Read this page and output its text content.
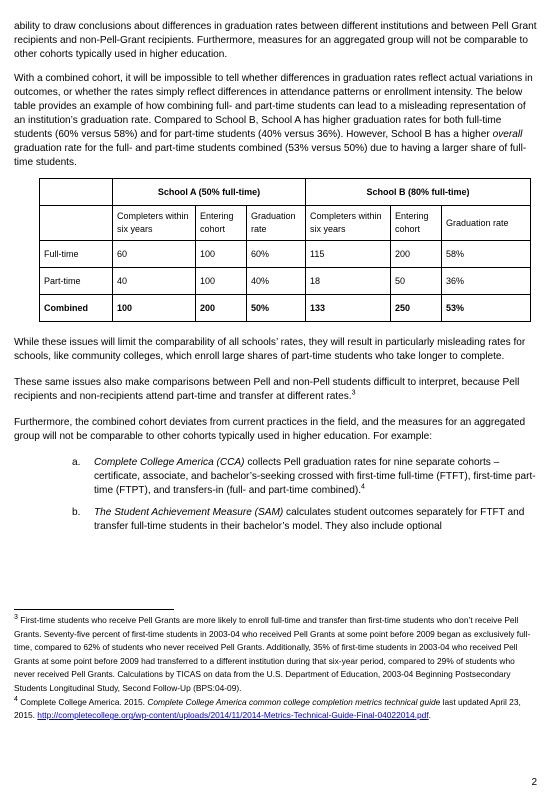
ability to draw conclusions about differences in graduation rates between different institutions and between Pell Grant recipients and non-Pell-Grant recipients. Furthermore, measures for an aggregated group will not be comparable to other cohorts typically used in higher education.

With a combined cohort, it will be impossible to tell whether differences in graduation rates reflect actual variations in outcomes, or whether the rates simply reflect differences in attendance patterns or enrollment intensity. The below table provides an example of how combining full- and part-time students can lead to a misleading representation of an institution’s graduation rate. Compared to School B, School A has higher graduation rates for both full-time students (60% versus 58%) and for part-time students (40% versus 36%). However, School B has a higher overall graduation rate for the full- and part-time students combined (53% versus 50%) due to having a larger share of full-time students.

	School A (50% full-time)			School B (80% full-time)		
	Completers within six years	Entering cohort	Graduation rate	Completers within six years	Entering cohort	Graduation rate
Full-time	60	100	60%	115	200	58%
Part-time	40	100	40%	18	50	36%
Combined	100	200	50%	133	250	53%

While these issues will limit the comparability of all schools’ rates, they will result in particularly misleading rates for schools, like community colleges, which enroll large shares of part-time students who take longer to complete.

These same issues also make comparisons between Pell and non-Pell students difficult to interpret, because Pell recipients and non-recipients attend part-time and transfer at different rates.$^3$

Furthermore, the combined cohort deviates from current practices in the field, and the measures for an aggregated group will not be comparable to other cohorts typically used in higher education. For example:

a. Complete College America (CCA) collects Pell graduation rates for nine separate cohorts – certificate, associate, and bachelor’s-seeking crossed with first-time full-time (FTFT), first-time part-time (FTPT), and transfers-in (full- and part-time combined).$^4$
b. The Student Achievement Measure (SAM) calculates student outcomes separately for FTFT and transfer full-time students in their bachelor’s model. They also include optional

$^3$ First-time students who receive Pell Grants are more likely to enroll full-time and transfer than first-time students who don’t receive Pell Grants. Seventy-five percent of first-time students in 2003-04 who received Pell Grants at some point before 2009 began as exclusively full-time, compared to 62% of students who never received Pell Grants. Additionally, 35% of first-time students in 2003-04 who received Pell Grants at some point before 2009 had transferred to a different institution during that six-year period, compared to 29% of students who never received Pell Grants. Calculations by TICAS on data from the U.S. Department of Education, 2003-04 Beginning Postsecondary Students Longitudinal Study, Second Follow-Up (BPS:04-09).

$^4$ Complete College America. 2015. Complete College America common college completion metrics technical guide last updated April 23, 2015. http://completecollege.org/wp-content/uploads/2014/11/2014-Metrics-Technical-Guide-Final-04022014.pdf.

2
